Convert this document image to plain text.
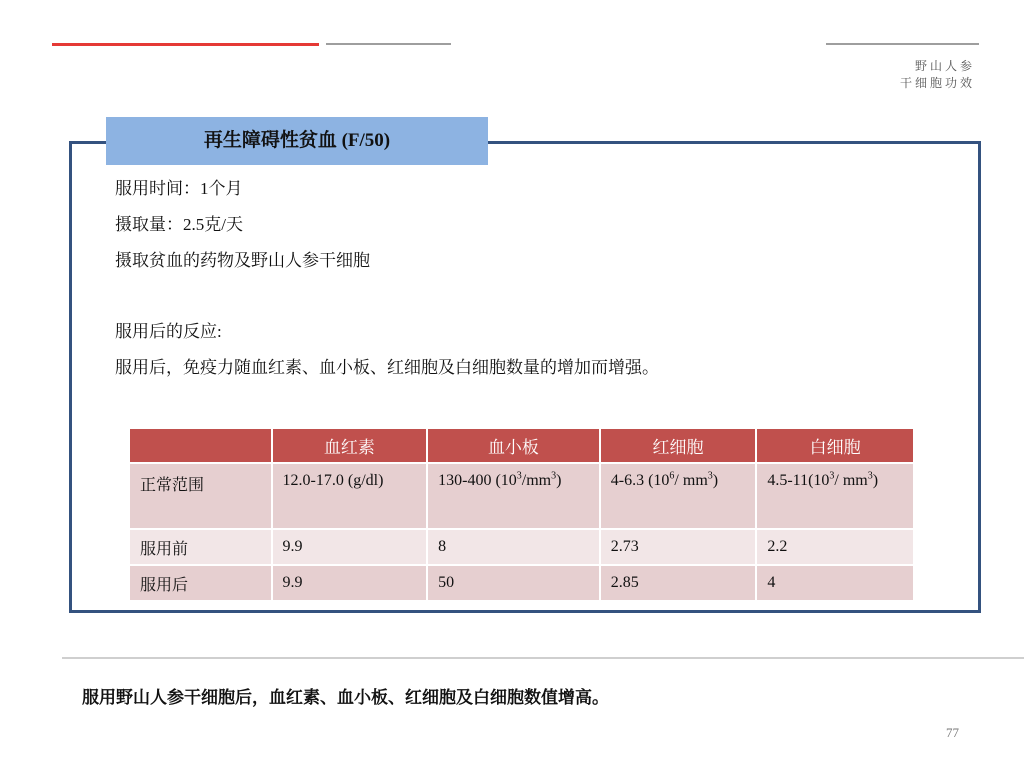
野山人参
干细胞功效
再生障碍性贫血 (F/50)
服用时间：1个月
摄取量：2.5克/天
摄取贫血的药物及野山人参干细胞
服用后的反应:
服用后，免疫力随血红素、血小板、红细胞及白细胞数量的增加而增强。
	血红素	血小板	红细胞	白细胞
正常范围	12.0-17.0 (g/dl)	130-400 $(10^3/mm^3)$	4-6.3 ($10^6/$ $mm^3$)	$4.5-11(10^3/$ $mm^3$)
服用前	9.9	8	2.73	2.2
服用后	9.9	50	2.85	4
服用野山人参干细胞后，血红素、血小板、红细胞及白细胞数值增高。
77
